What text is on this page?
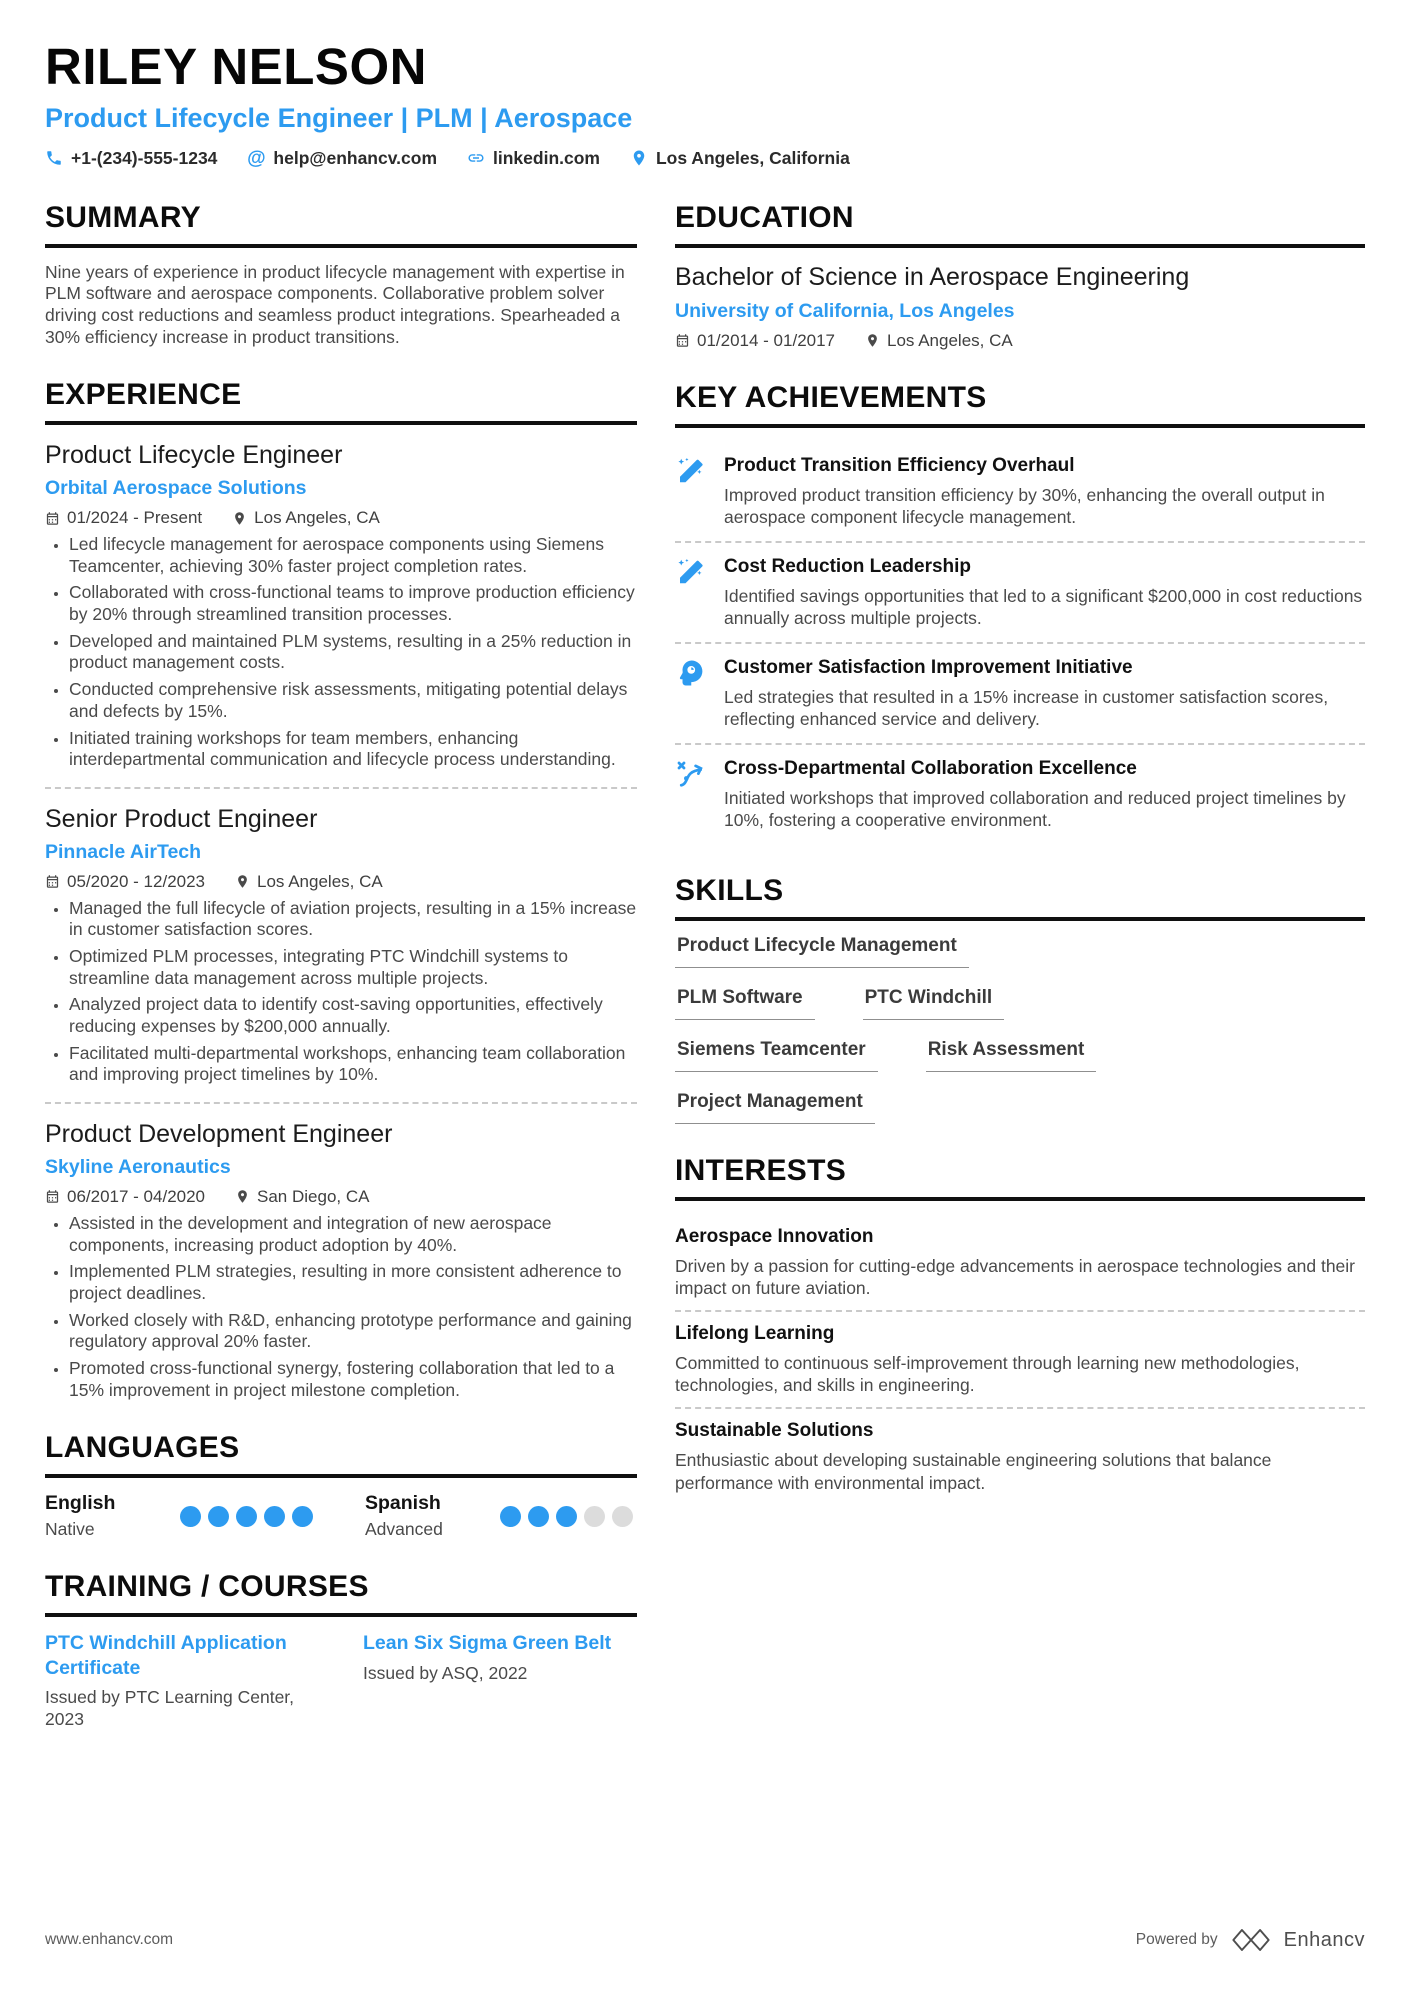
RILEY NELSON
Product Lifecycle Engineer | PLM | Aerospace
+1-(234)-555-1234 @ help@enhancv.com	linkedin.com	Los Angeles, California
SUMMARY
Nine years of experience in product lifecycle management with expertise in PLM software and aerospace components. Collaborative problem solver driving cost reductions and seamless product integrations. Spearheaded a 30% efficiency increase in product transitions.
EXPERIENCE
Product Lifecycle Engineer
Orbital Aerospace Solutions
01/2024 - Present	Los Angeles, CA
• Led lifecycle management for aerospace components using Siemens Teamcenter, achieving 30% faster project completion rates.
• Collaborated with cross-functional teams to improve production efficiency by 20% through streamlined transition processes.
• Developed and maintained PLM systems, resulting in a 25% reduction in product management costs.
• Conducted comprehensive risk assessments, mitigating potential delays and defects by 15%.
• Initiated training workshops for team members, enhancing interdepartmental communication and lifecycle process understanding.
Senior Product Engineer
Pinnacle AirTech
05/2020 - 12/2023	Los Angeles, CA
• Managed the full lifecycle of aviation projects, resulting in a 15% increase in customer satisfaction scores.
• Optimized PLM processes, integrating PTC Windchill systems to streamline data management across multiple projects.
• Analyzed project data to identify cost-saving opportunities, effectively reducing expenses by $200,000 annually.
• Facilitated multi-departmental workshops, enhancing team collaboration and improving project timelines by 10%.
Product Development Engineer
Skyline Aeronautics
06/2017 - 04/2020	San Diego, CA
• Assisted in the development and integration of new aerospace components, increasing product adoption by 40%.
• Implemented PLM strategies, resulting in more consistent adherence to project deadlines.
• Worked closely with R&D, enhancing prototype performance and gaining regulatory approval 20% faster.
• Promoted cross-functional synergy, fostering collaboration that led to a 15% improvement in project milestone completion.
LANGUAGES
English
Native
Spanish
Advanced
TRAINING / COURSES
PTC Windchill Application Certificate
Issued by PTC Learning Center, 2023
Lean Six Sigma Green Belt
Issued by ASQ, 2022
EDUCATION
Bachelor of Science in Aerospace Engineering
University of California, Los Angeles
01/2014 - 01/2017	Los Angeles, CA
KEY ACHIEVEMENTS
Product Transition Efficiency Overhaul
Improved product transition efficiency by 30%, enhancing the overall output in aerospace component lifecycle management.
Cost Reduction Leadership
Identified savings opportunities that led to a significant $200,000 in cost reductions annually across multiple projects.
Customer Satisfaction Improvement Initiative
Led strategies that resulted in a 15% increase in customer satisfaction scores, reflecting enhanced service and delivery.
Cross-Departmental Collaboration Excellence
Initiated workshops that improved collaboration and reduced project timelines by 10%, fostering a cooperative environment.
SKILLS
Product Lifecycle Management
PLM Software	PTC Windchill
Siemens Teamcenter	Risk Assessment
Project Management
INTERESTS
Aerospace Innovation
Driven by a passion for cutting-edge advancements in aerospace technologies and their impact on future aviation.
Lifelong Learning
Committed to continuous self-improvement through learning new methodologies, technologies, and skills in engineering.
Sustainable Solutions
Enthusiastic about developing sustainable engineering solutions that balance performance with environmental impact.
www.enhancv.com	Powered by	Enhancv
